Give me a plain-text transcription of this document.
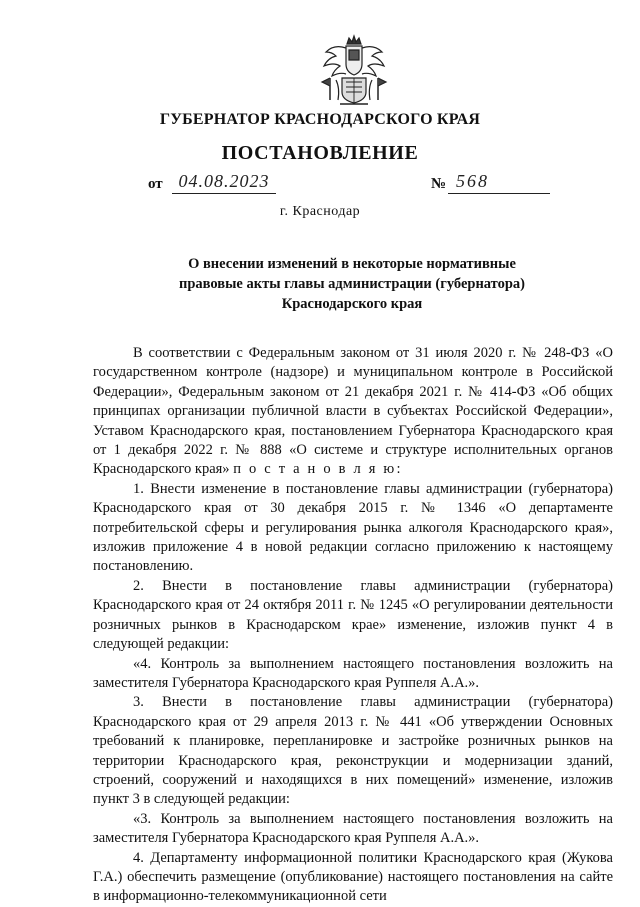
ГУБЕРНАТОР КРАСНОДАРСКОГО КРАЯ
ПОСТАНОВЛЕНИЕ
от 04.08.2023	№ 568
г. Краснодар
О внесении изменений в некоторые нормативные
правовые акты главы администрации (губернатора)
Краснодарского края

В соответствии с Федеральным законом от 31 июля 2020 г. № 248-ФЗ «О государственном контроле (надзоре) и муниципальном контроле в Российской Федерации», Федеральным законом от 21 декабря 2021 г. № 414-ФЗ «Об общих принципах организации публичной власти в субъектах Российской Федерации», Уставом Краснодарского края, постановлением Губернатора Краснодарского края от 1 декабря 2022 г. № 888 «О системе и структуре исполнительных органов Краснодарского края» п о с т а н о в л я ю:

1. Внести изменение в постановление главы администрации (губернатора) Краснодарского края от 30 декабря 2015 г. № 1346 «О департаменте потребительской сферы и регулирования рынка алкоголя Краснодарского края», изложив приложение 4 в новой редакции согласно приложению к настоящему постановлению.

2. Внести в постановление главы администрации (губернатора) Краснодарского края от 24 октября 2011 г. № 1245 «О регулировании деятельности розничных рынков в Краснодарском крае» изменение, изложив пункт 4 в следующей редакции:

«4. Контроль за выполнением настоящего постановления возложить на заместителя Губернатора Краснодарского края Руппеля А.А.».

3. Внести в постановление главы администрации (губернатора) Краснодарского края от 29 апреля 2013 г. № 441 «Об утверждении Основных требований к планировке, перепланировке и застройке розничных рынков на территории Краснодарского края, реконструкции и модернизации зданий, строений, сооружений и находящихся в них помещений» изменение, изложив пункт 3 в следующей редакции:

«3. Контроль за выполнением настоящего постановления возложить на заместителя Губернатора Краснодарского края Руппеля А.А.».

4. Департаменту информационной политики Краснодарского края (Жукова Г.А.) обеспечить размещение (опубликование) настоящего постановления на сайте в информационно-телекоммуникационной сети
